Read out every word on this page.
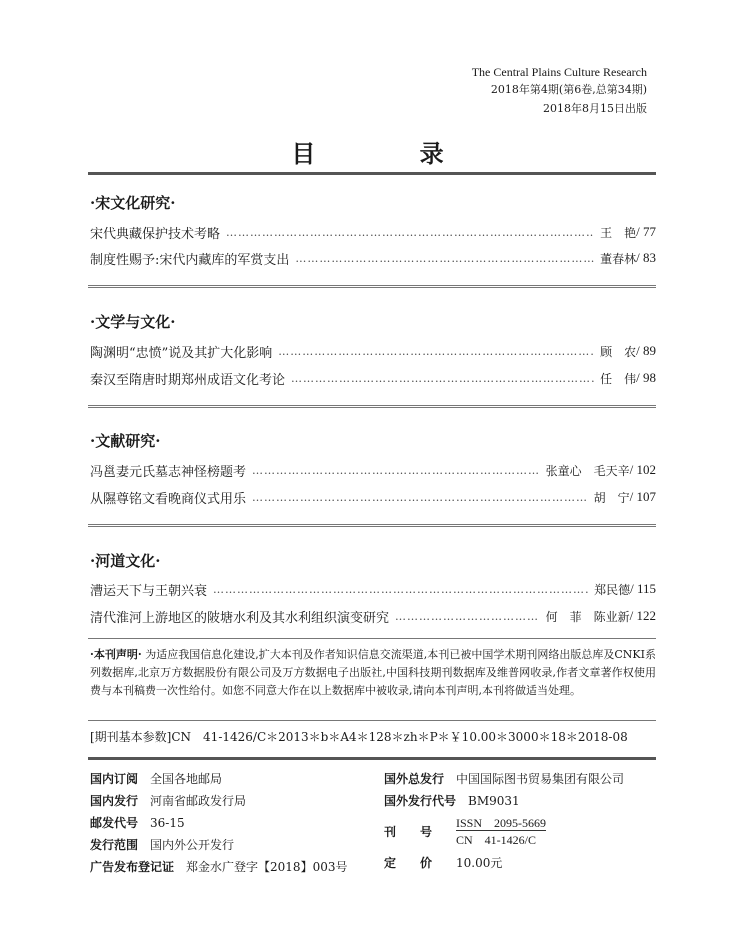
The Central Plains Culture Research
2018年第4期(第6卷,总第34期)
2018年8月15日出版
目 录
·宋文化研究·
宋代典藏保护技术考略 ……………………………………………………………………………………………………………………………………………………………………	王　艳 / 77
制度性赐予:宋代内藏库的军赏支出 ……………………………………………………………………………………………………………………………………………………………………	董春林 / 83
·文学与文化·
陶渊明“忠愤”说及其扩大化影响 ……………………………………………………………………………………………………………………………………………………………………	顾　农 / 89
秦汉至隋唐时期郑州成语文化考论 ……………………………………………………………………………………………………………………………………………………………………	任　伟 / 98
·文献研究·
冯邕妻元氏墓志神怪榜题考 ……………………………………………………………………………………………………………………………………………………………………	张童心　毛天辛 / 102
从隰尊铭文看晚商仪式用乐 ……………………………………………………………………………………………………………………………………………………………………	胡　宁 / 107
·河道文化·
漕运天下与王朝兴衰 ……………………………………………………………………………………………………………………………………………………………………	郑民德 / 115
清代淮河上游地区的陂塘水利及其水利组织演变研究 ……………………………………………………………………………………………………………………………………………………………………	何　菲　陈业新 / 122
·本刊声明· 为适应我国信息化建设,扩大本刊及作者知识信息交流渠道,本刊已被中国学术期刊网络出版总库及CNKI系列数据库,北京万方数据股份有限公司及万方数据电子出版社,中国科技期刊数据库及维普网收录,作者文章著作权使用费与本刊稿费一次性给付。如您不同意大作在以上数据库中被收录,请向本刊声明,本刊将做适当处理。
[期刊基本参数]CN　41-1426/C＊2013＊b＊A4＊128＊zh＊P＊￥10.00＊3000＊18＊2018-08
国内订阅　 全国各地邮局
国内发行　 河南省邮政发行局
邮发代号　 36-15
发行范围　 国内外公开发行
广告发布登记证　 郑金水广登字【2018】003号
国外总发行　 中国国际图书贸易集团有限公司
国外发行代号　 BM9031
刊　　号
ISSN　2095-5669
CN　41-1426/C
定　　价　　 10.00元
